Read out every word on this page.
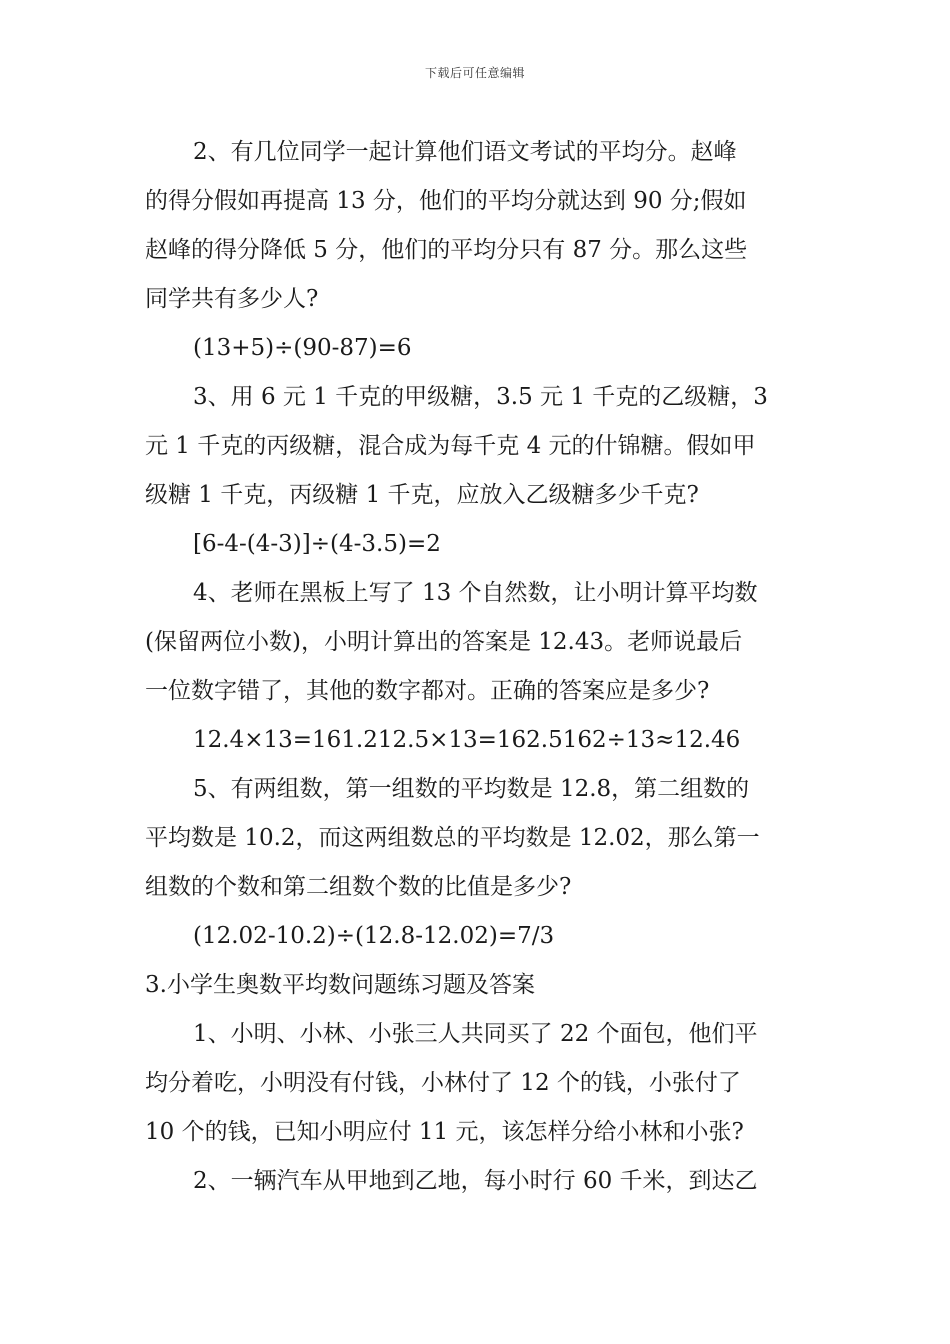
下载后可任意编辑
2、有几位同学一起计算他们语文考试的平均分。赵峰
的得分假如再提高 13 分，他们的平均分就达到 90 分;假如
赵峰的得分降低 5 分，他们的平均分只有 87 分。那么这些
同学共有多少人?
(13+5)÷(90-87)=6
3、用 6 元 1 千克的甲级糖，3.5 元 1 千克的乙级糖，3
元 1 千克的丙级糖，混合成为每千克 4 元的什锦糖。假如甲
级糖 1 千克，丙级糖 1 千克，应放入乙级糖多少千克?
[6-4-(4-3)]÷(4-3.5)=2
4、老师在黑板上写了 13 个自然数，让小明计算平均数
(保留两位小数)，小明计算出的答案是 12.43。老师说最后
一位数字错了，其他的数字都对。正确的答案应是多少?
12.4×13=161.212.5×13=162.5162÷13≈12.46
5、有两组数，第一组数的平均数是 12.8，第二组数的
平均数是 10.2，而这两组数总的平均数是 12.02，那么第一
组数的个数和第二组数个数的比值是多少?
(12.02-10.2)÷(12.8-12.02)=7/3
3.小学生奥数平均数问题练习题及答案
1、小明、小林、小张三人共同买了 22 个面包，他们平
均分着吃，小明没有付钱，小林付了 12 个的钱，小张付了
10 个的钱，已知小明应付 11 元，该怎样分给小林和小张?
2、一辆汽车从甲地到乙地，每小时行 60 千米，到达乙
